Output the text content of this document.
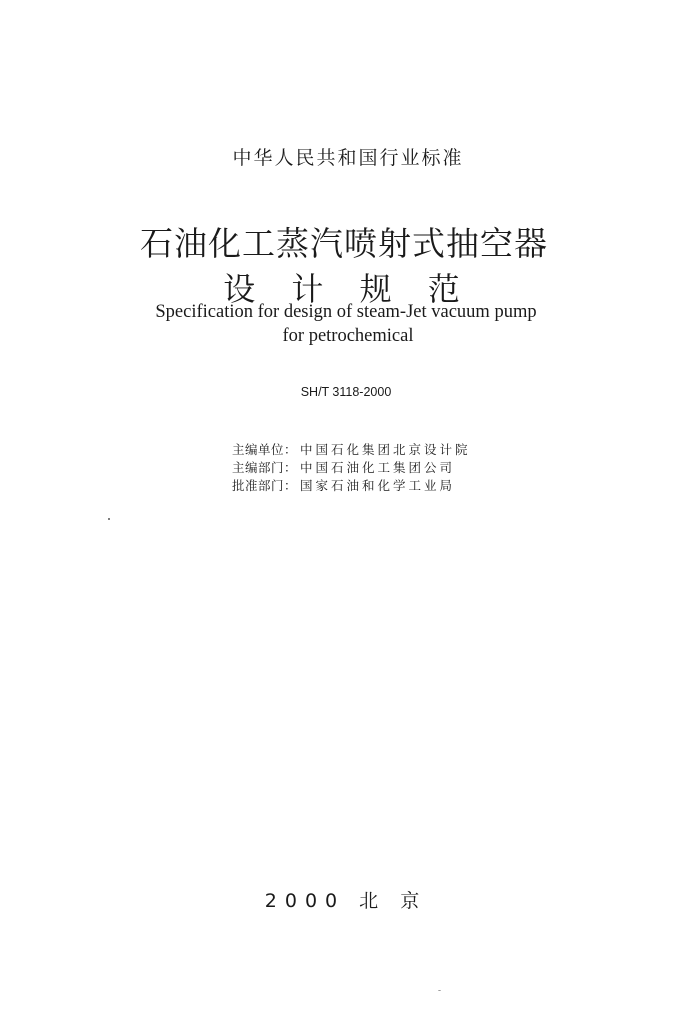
中华人民共和国行业标准
石油化工蒸汽喷射式抽空器
设 计 规 范
Specification for design of steam-Jet vacuum pump
for petrochemical
SH/T 3118-2000
主编单位： 中国石化集团北京设计院
主编部门： 中国石油化工集团公司
批准部门： 国家石油和化学工业局
2000 北 京
